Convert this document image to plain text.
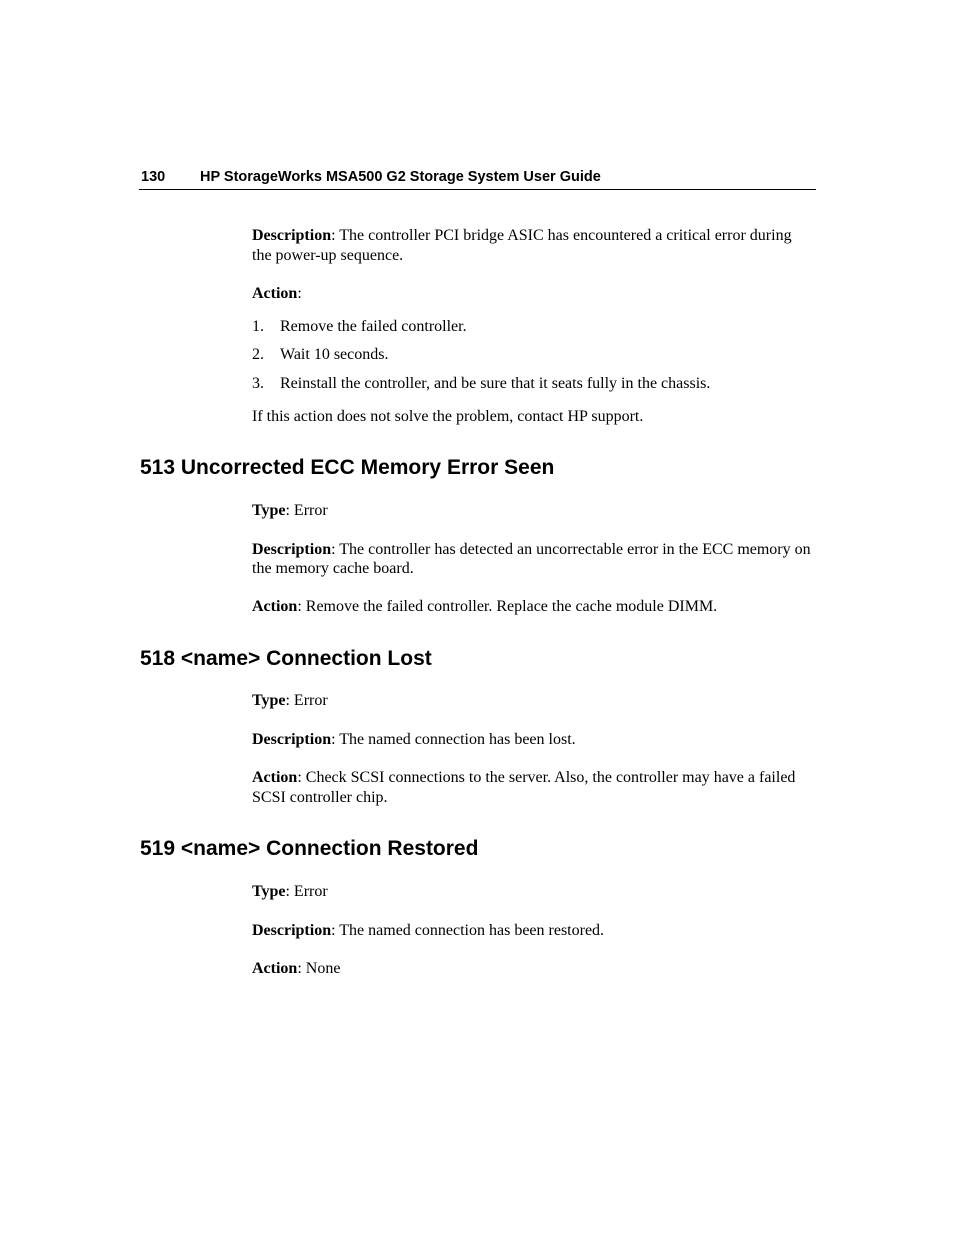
130 HP StorageWorks MSA500 G2 Storage System User Guide

Description: The controller PCI bridge ASIC has encountered a critical error during the power-up sequence.

Action:

1. Remove the failed controller.
2. Wait 10 seconds.
3. Reinstall the controller, and be sure that it seats fully in the chassis.

If this action does not solve the problem, contact HP support.

513 Uncorrected ECC Memory Error Seen

Type: Error

Description: The controller has detected an uncorrectable error in the ECC memory on the memory cache board.

Action: Remove the failed controller. Replace the cache module DIMM.

518 <name> Connection Lost

Type: Error

Description: The named connection has been lost.

Action: Check SCSI connections to the server. Also, the controller may have a failed SCSI controller chip.

519 <name> Connection Restored

Type: Error

Description: The named connection has been restored.

Action: None
